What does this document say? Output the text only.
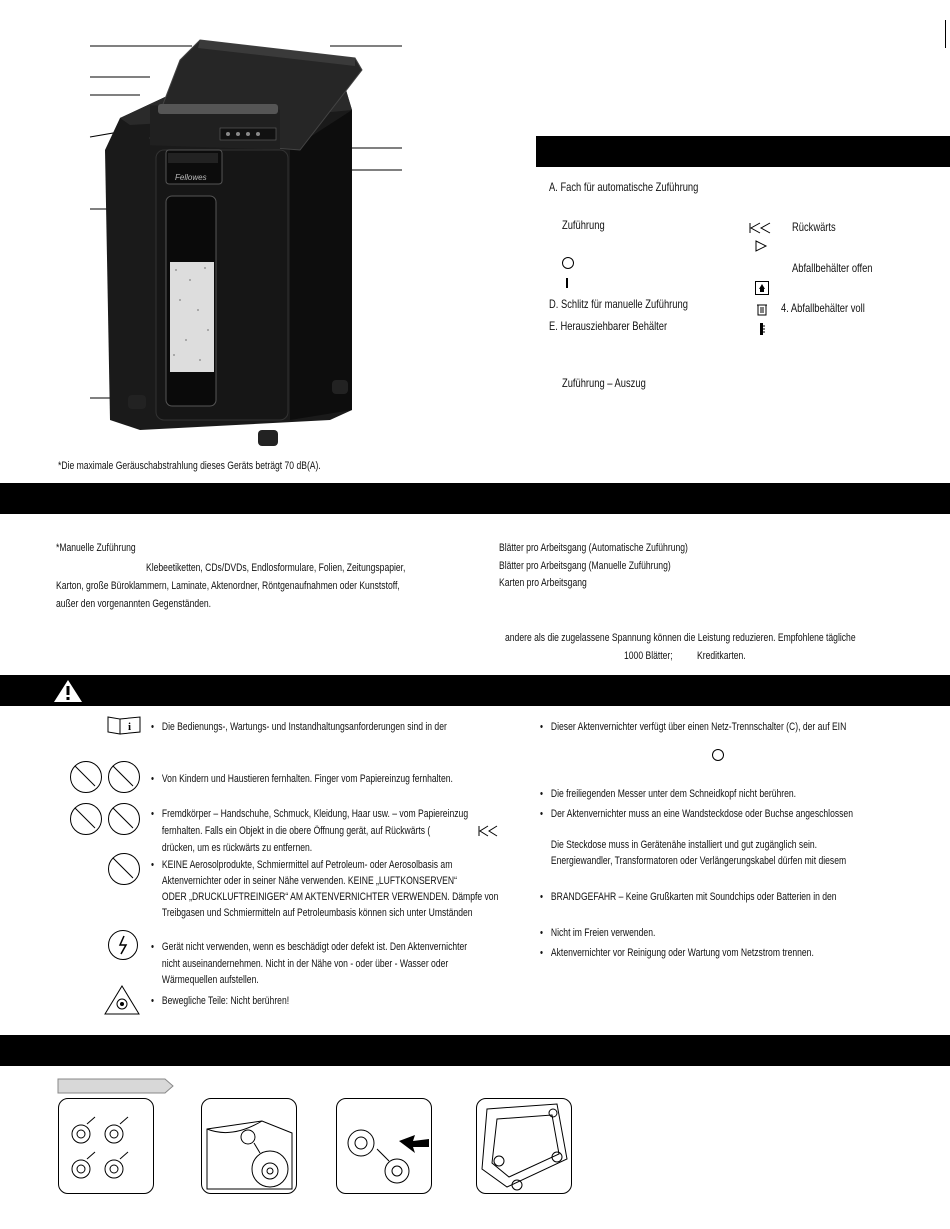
Fellowes
*Die maximale Geräuschabstrahlung dieses Geräts beträgt 70 dB(A).
A. Fach für automatische Zuführung
Zuführung
D. Schlitz für manuelle Zuführung
E. Herausziehbarer Behälter
Zuführung – Auszug
Rückwärts
Abfallbehälter offen
4. Abfallbehälter voll
*Manuelle Zuführung
Klebeetiketten, CDs/DVDs, Endlosformulare, Folien, Zeitungspapier,
Karton, große Büroklammern, Laminate, Aktenordner, Röntgenaufnahmen oder Kunststoff,
außer den vorgenannten Gegenständen.
Blätter pro Arbeitsgang (Automatische Zuführung)
Blätter pro Arbeitsgang (Manuelle Zuführung)
Karten pro Arbeitsgang
andere als die zugelassene Spannung können die Leistung reduzieren. Empfohlene tägliche
1000 Blätter; Kreditkarten.
i • Die Bedienungs-, Wartungs- und Instandhaltungsanforderungen sind in der
• Von Kindern und Haustieren fernhalten. Finger vom Papiereinzug fernhalten.
• Fremdkörper – Handschuhe, Schmuck, Kleidung, Haar usw. – vom Papiereinzug
fernhalten. Falls ein Objekt in die obere Öffnung gerät, auf Rückwärts (
drücken, um es rückwärts zu entfernen.
• KEINE Aerosolprodukte, Schmiermittel auf Petroleum- oder Aerosolbasis am
Aktenvernichter oder in seiner Nähe verwenden. KEINE „LUFTKONSERVEN“
ODER „DRUCKLUFTREINIGER“ AM AKTENVERNICHTER VERWENDEN. Dämpfe von
Treibgasen und Schmiermitteln auf Petroleumbasis können sich unter Umständen
• Gerät nicht verwenden, wenn es beschädigt oder defekt ist. Den Aktenvernichter
nicht auseinandernehmen. Nicht in der Nähe von - oder über - Wasser oder
Wärmequellen aufstellen.
• Bewegliche Teile: Nicht berühren!
• Dieser Aktenvernichter verfügt über einen Netz-Trennschalter (C), der auf EIN
• Die freiliegenden Messer unter dem Schneidkopf nicht berühren.
• Der Aktenvernichter muss an eine Wandsteckdose oder Buchse angeschlossen
Die Steckdose muss in Gerätenähe installiert und gut zugänglich sein.
Energiewandler, Transformatoren oder Verlängerungskabel dürfen mit diesem
• BRANDGEFAHR – Keine Grußkarten mit Soundchips oder Batterien in den
• Nicht im Freien verwenden.
• Aktenvernichter vor Reinigung oder Wartung vom Netzstrom trennen.
